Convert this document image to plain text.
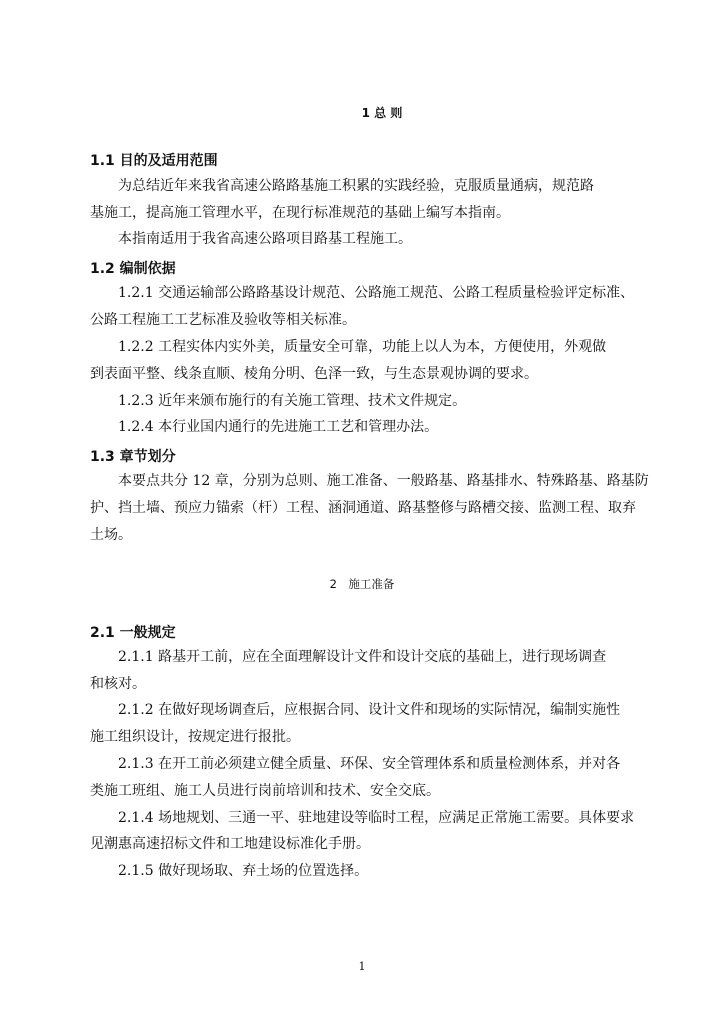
1 总 则
1.1 目的及适用范围
为总结近年来我省高速公路路基施工积累的实践经验，克服质量通病，规范路
基施工，提高施工管理水平，在现行标准规范的基础上编写本指南。
本指南适用于我省高速公路项目路基工程施工。
1.2 编制依据
1.2.1 交通运输部公路路基设计规范、公路施工规范、公路工程质量检验评定标准、
公路工程施工工艺标准及验收等相关标准。
1.2.2 工程实体内实外美，质量安全可靠，功能上以人为本，方便使用，外观做
到表面平整、线条直顺、棱角分明、色泽一致，与生态景观协调的要求。
1.2.3 近年来颁布施行的有关施工管理、技术文件规定。
1.2.4 本行业国内通行的先进施工工艺和管理办法。
1.3 章节划分
本要点共分 12 章，分别为总则、施工准备、一般路基、路基排水、特殊路基、路基防
护、挡土墙、预应力锚索（杆）工程、涵洞通道、路基整修与路槽交接、监测工程、取弃
土场。
2　施工准备
2.1 一般规定
2.1.1 路基开工前，应在全面理解设计文件和设计交底的基础上，进行现场调查
和核对。
2.1.2 在做好现场调查后，应根据合同、设计文件和现场的实际情况，编制实施性
施工组织设计，按规定进行报批。
2.1.3 在开工前必须建立健全质量、环保、安全管理体系和质量检测体系，并对各
类施工班组、施工人员进行岗前培训和技术、安全交底。
2.1.4 场地规划、三通一平、驻地建设等临时工程，应满足正常施工需要。具体要求
见潮惠高速招标文件和工地建设标准化手册。
2.1.5 做好现场取、弃土场的位置选择。
1
